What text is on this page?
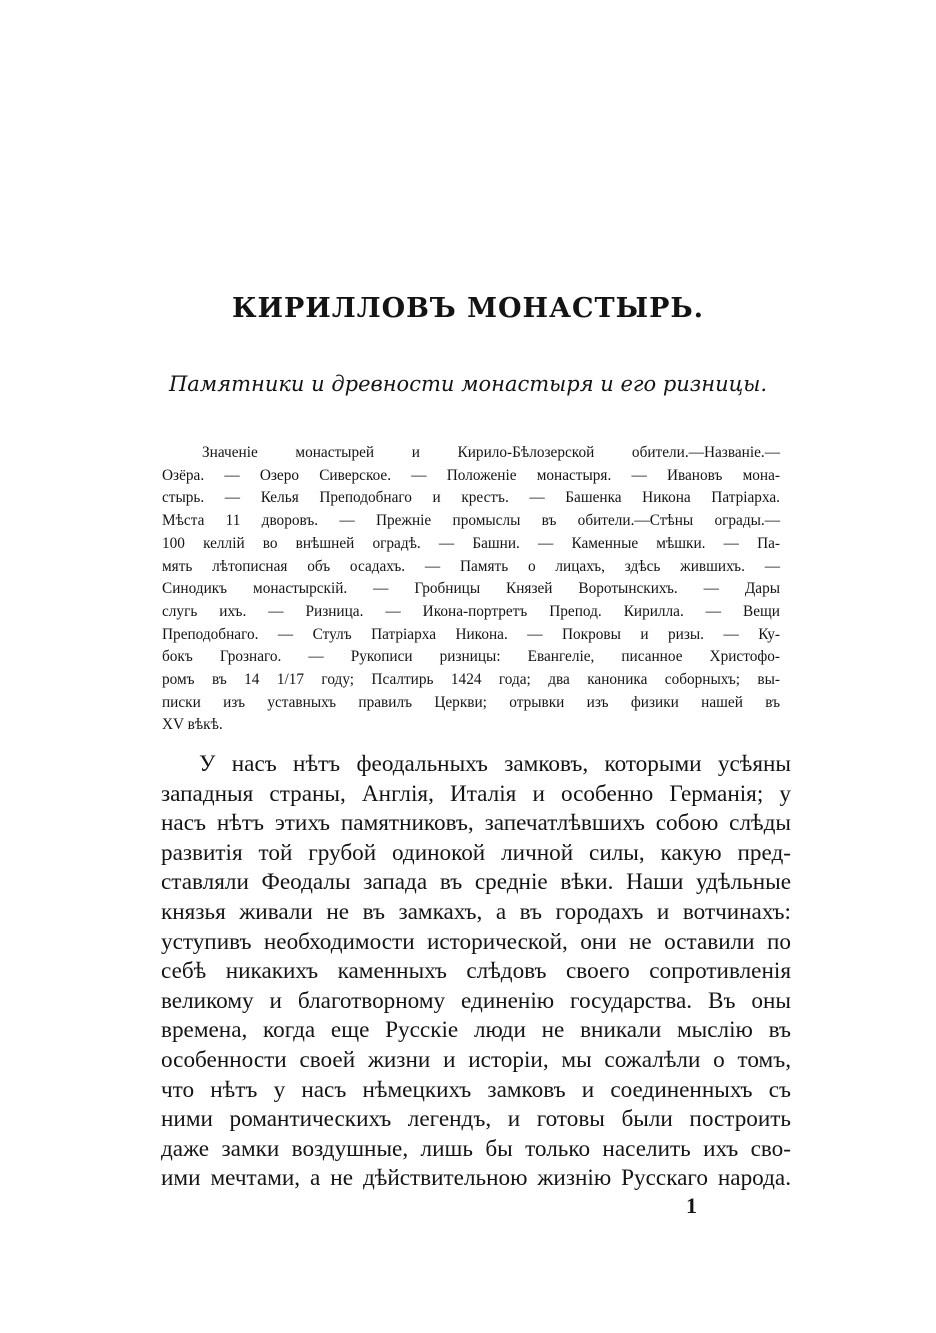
КИРИЛЛОВЪ МОНАСТЫРЬ.
Памятники и древности монастыря и его ризницы.
Значенiе монастырей и Кирило-Бѣлозерской обители.—Названiе.—
Озёра. — Озеро Сиверское. — Положенiе монастыря. — Ивановъ мона-
стырь. — Келья Преподобнаго и крестъ. — Башенка Никона Патрiарха.
Мѣста 11 дворовъ. — Прежнiе промыслы въ обители.—Стѣны ограды.—
100 келлiй во внѣшней оградѣ. — Башни. — Каменные мѣшки. — Па-
мять лѣтописная объ осадахъ. — Память о лицахъ, здѣсь жившихъ. —
Синодикъ монастырскiй. — Гробницы Князей Воротынскихъ. — Дары
слугь ихъ. — Ризница. — Икона-портретъ Препод. Кирилла. — Вещи
Преподобнаго. — Стулъ Патрiарха Никона. — Покровы и ризы. — Ку-
бокъ Грознаго. — Рукописи ризницы: Евангелiе, писанное Христофо-
ромъ въ 14 1/17 году; Псалтирь 1424 года; два каноника соборныхъ; вы-
писки изъ уставныхъ правилъ Церкви; отрывки изъ физики нашей въ
XV вѣкѣ.
У насъ нѣтъ феодальныхъ замковъ, которыми усѣяны
западныя страны, Англiя, Италiя и особенно Германiя; у
насъ нѣтъ этихъ памятниковъ, запечатлѣвшихъ собою слѣды
развитiя той грубой одинокой личной силы, какую пред-
ставляли Феодалы запада въ среднiе вѣки. Наши удѣльные
князья живали не въ замкахъ, а въ городахъ и вотчинахъ:
уступивъ необходимости исторической, они не оставили по
себѣ никакихъ каменныхъ слѣдовъ своего сопротивленiя
великому и благотворному единенiю государства. Въ оны
времена, когда еще Русскiе люди не вникали мыслiю въ
особенности своей жизни и исторiи, мы сожалѣли о томъ,
что нѣтъ у насъ нѣмецкихъ замковъ и соединенныхъ съ
ними романтическихъ легендъ, и готовы были построить
даже замки воздушные, лишь бы только населить ихъ сво-
ими мечтами, а не дѣйствительною жизнiю Русскаго народа.
1
